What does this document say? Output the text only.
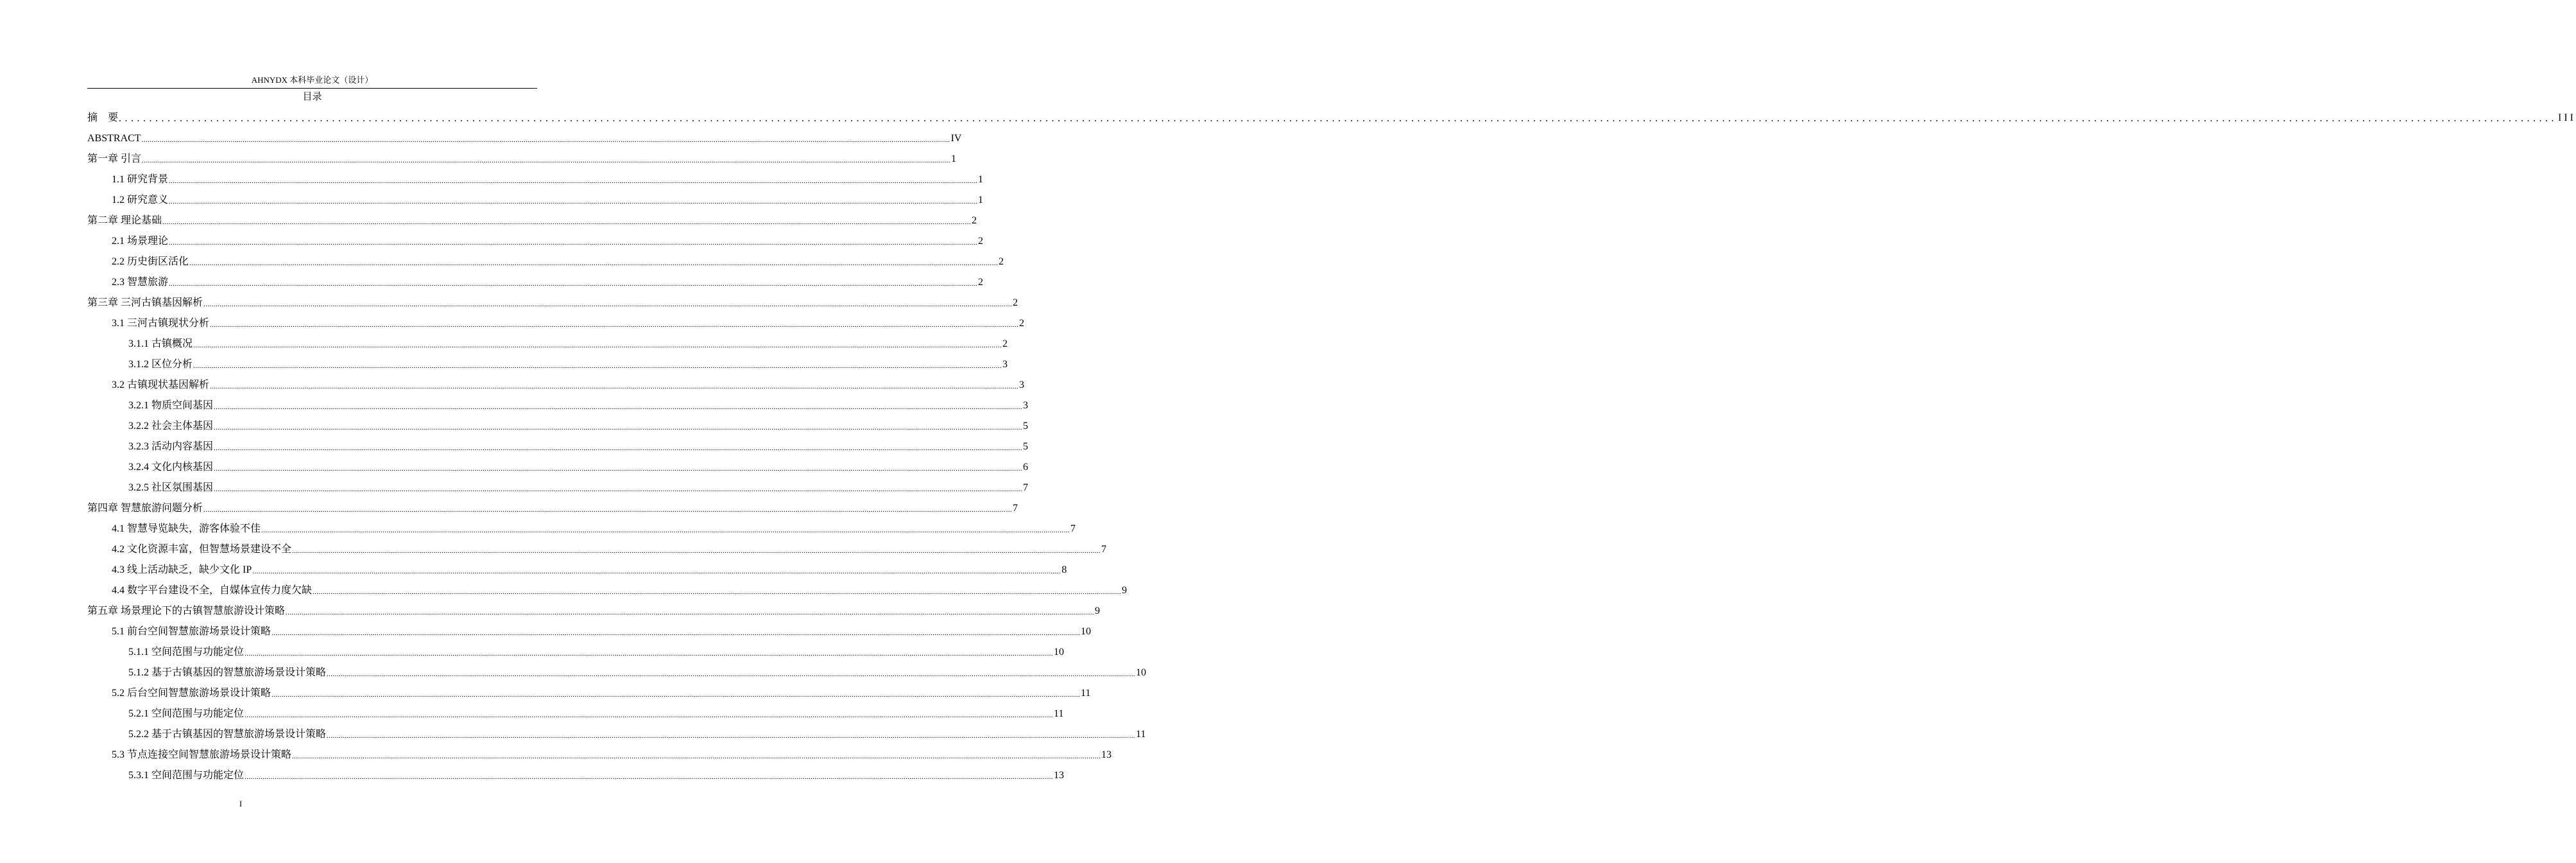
AHNYDX 本科毕业论文（设计）
目录
摘　要 ................................................................................................................................................................................................................................................................................................................................................................................................................ III
ABSTRACT ................................................................................................................................................................................................................................................................................................................................................................................................................ IV
第一章 引言 ................................................................................................................................................................................................................................................................................................................................................................................................................ 1
1.1 研究背景 ................................................................................................................................................................................................................................................................................................................................................................................................................ 1
1.2 研究意义 ................................................................................................................................................................................................................................................................................................................................................................................................................ 1
第二章 理论基础 ................................................................................................................................................................................................................................................................................................................................................................................................................ 2
2.1 场景理论 ................................................................................................................................................................................................................................................................................................................................................................................................................ 2
2.2 历史街区活化 ................................................................................................................................................................................................................................................................................................................................................................................................................ 2
2.3 智慧旅游 ................................................................................................................................................................................................................................................................................................................................................................................................................ 2
第三章 三河古镇基因解析 ................................................................................................................................................................................................................................................................................................................................................................................................................ 2
3.1 三河古镇现状分析 ................................................................................................................................................................................................................................................................................................................................................................................................................ 2
3.1.1 古镇概况 ................................................................................................................................................................................................................................................................................................................................................................................................................ 2
3.1.2 区位分析 ................................................................................................................................................................................................................................................................................................................................................................................................................ 3
3.2 古镇现状基因解析 ................................................................................................................................................................................................................................................................................................................................................................................................................ 3
3.2.1 物质空间基因 ................................................................................................................................................................................................................................................................................................................................................................................................................ 3
3.2.2 社会主体基因 ................................................................................................................................................................................................................................................................................................................................................................................................................ 5
3.2.3 活动内容基因 ................................................................................................................................................................................................................................................................................................................................................................................................................ 5
3.2.4 文化内核基因 ................................................................................................................................................................................................................................................................................................................................................................................................................ 6
3.2.5 社区氛围基因 ................................................................................................................................................................................................................................................................................................................................................................................................................ 7
第四章 智慧旅游问题分析 ................................................................................................................................................................................................................................................................................................................................................................................................................ 7
4.1 智慧导览缺失，游客体验不佳 ................................................................................................................................................................................................................................................................................................................................................................................................................ 7
4.2 文化资源丰富，但智慧场景建设不全 ................................................................................................................................................................................................................................................................................................................................................................................................................ 7
4.3 线上活动缺乏，缺少文化 IP ................................................................................................................................................................................................................................................................................................................................................................................................................ 8
4.4 数字平台建设不全，自媒体宣传力度欠缺 ................................................................................................................................................................................................................................................................................................................................................................................................................ 9
第五章 场景理论下的古镇智慧旅游设计策略 ................................................................................................................................................................................................................................................................................................................................................................................................................ 9
5.1 前台空间智慧旅游场景设计策略 ................................................................................................................................................................................................................................................................................................................................................................................................................ 10
5.1.1 空间范围与功能定位 ................................................................................................................................................................................................................................................................................................................................................................................................................ 10
5.1.2 基于古镇基因的智慧旅游场景设计策略 ................................................................................................................................................................................................................................................................................................................................................................................................................ 10
5.2 后台空间智慧旅游场景设计策略 ................................................................................................................................................................................................................................................................................................................................................................................................................ 11
5.2.1 空间范围与功能定位 ................................................................................................................................................................................................................................................................................................................................................................................................................ 11
5.2.2 基于古镇基因的智慧旅游场景设计策略 ................................................................................................................................................................................................................................................................................................................................................................................................................ 11
5.3 节点连接空间智慧旅游场景设计策略 ................................................................................................................................................................................................................................................................................................................................................................................................................ 13
5.3.1 空间范围与功能定位 ................................................................................................................................................................................................................................................................................................................................................................................................................ 13
I
